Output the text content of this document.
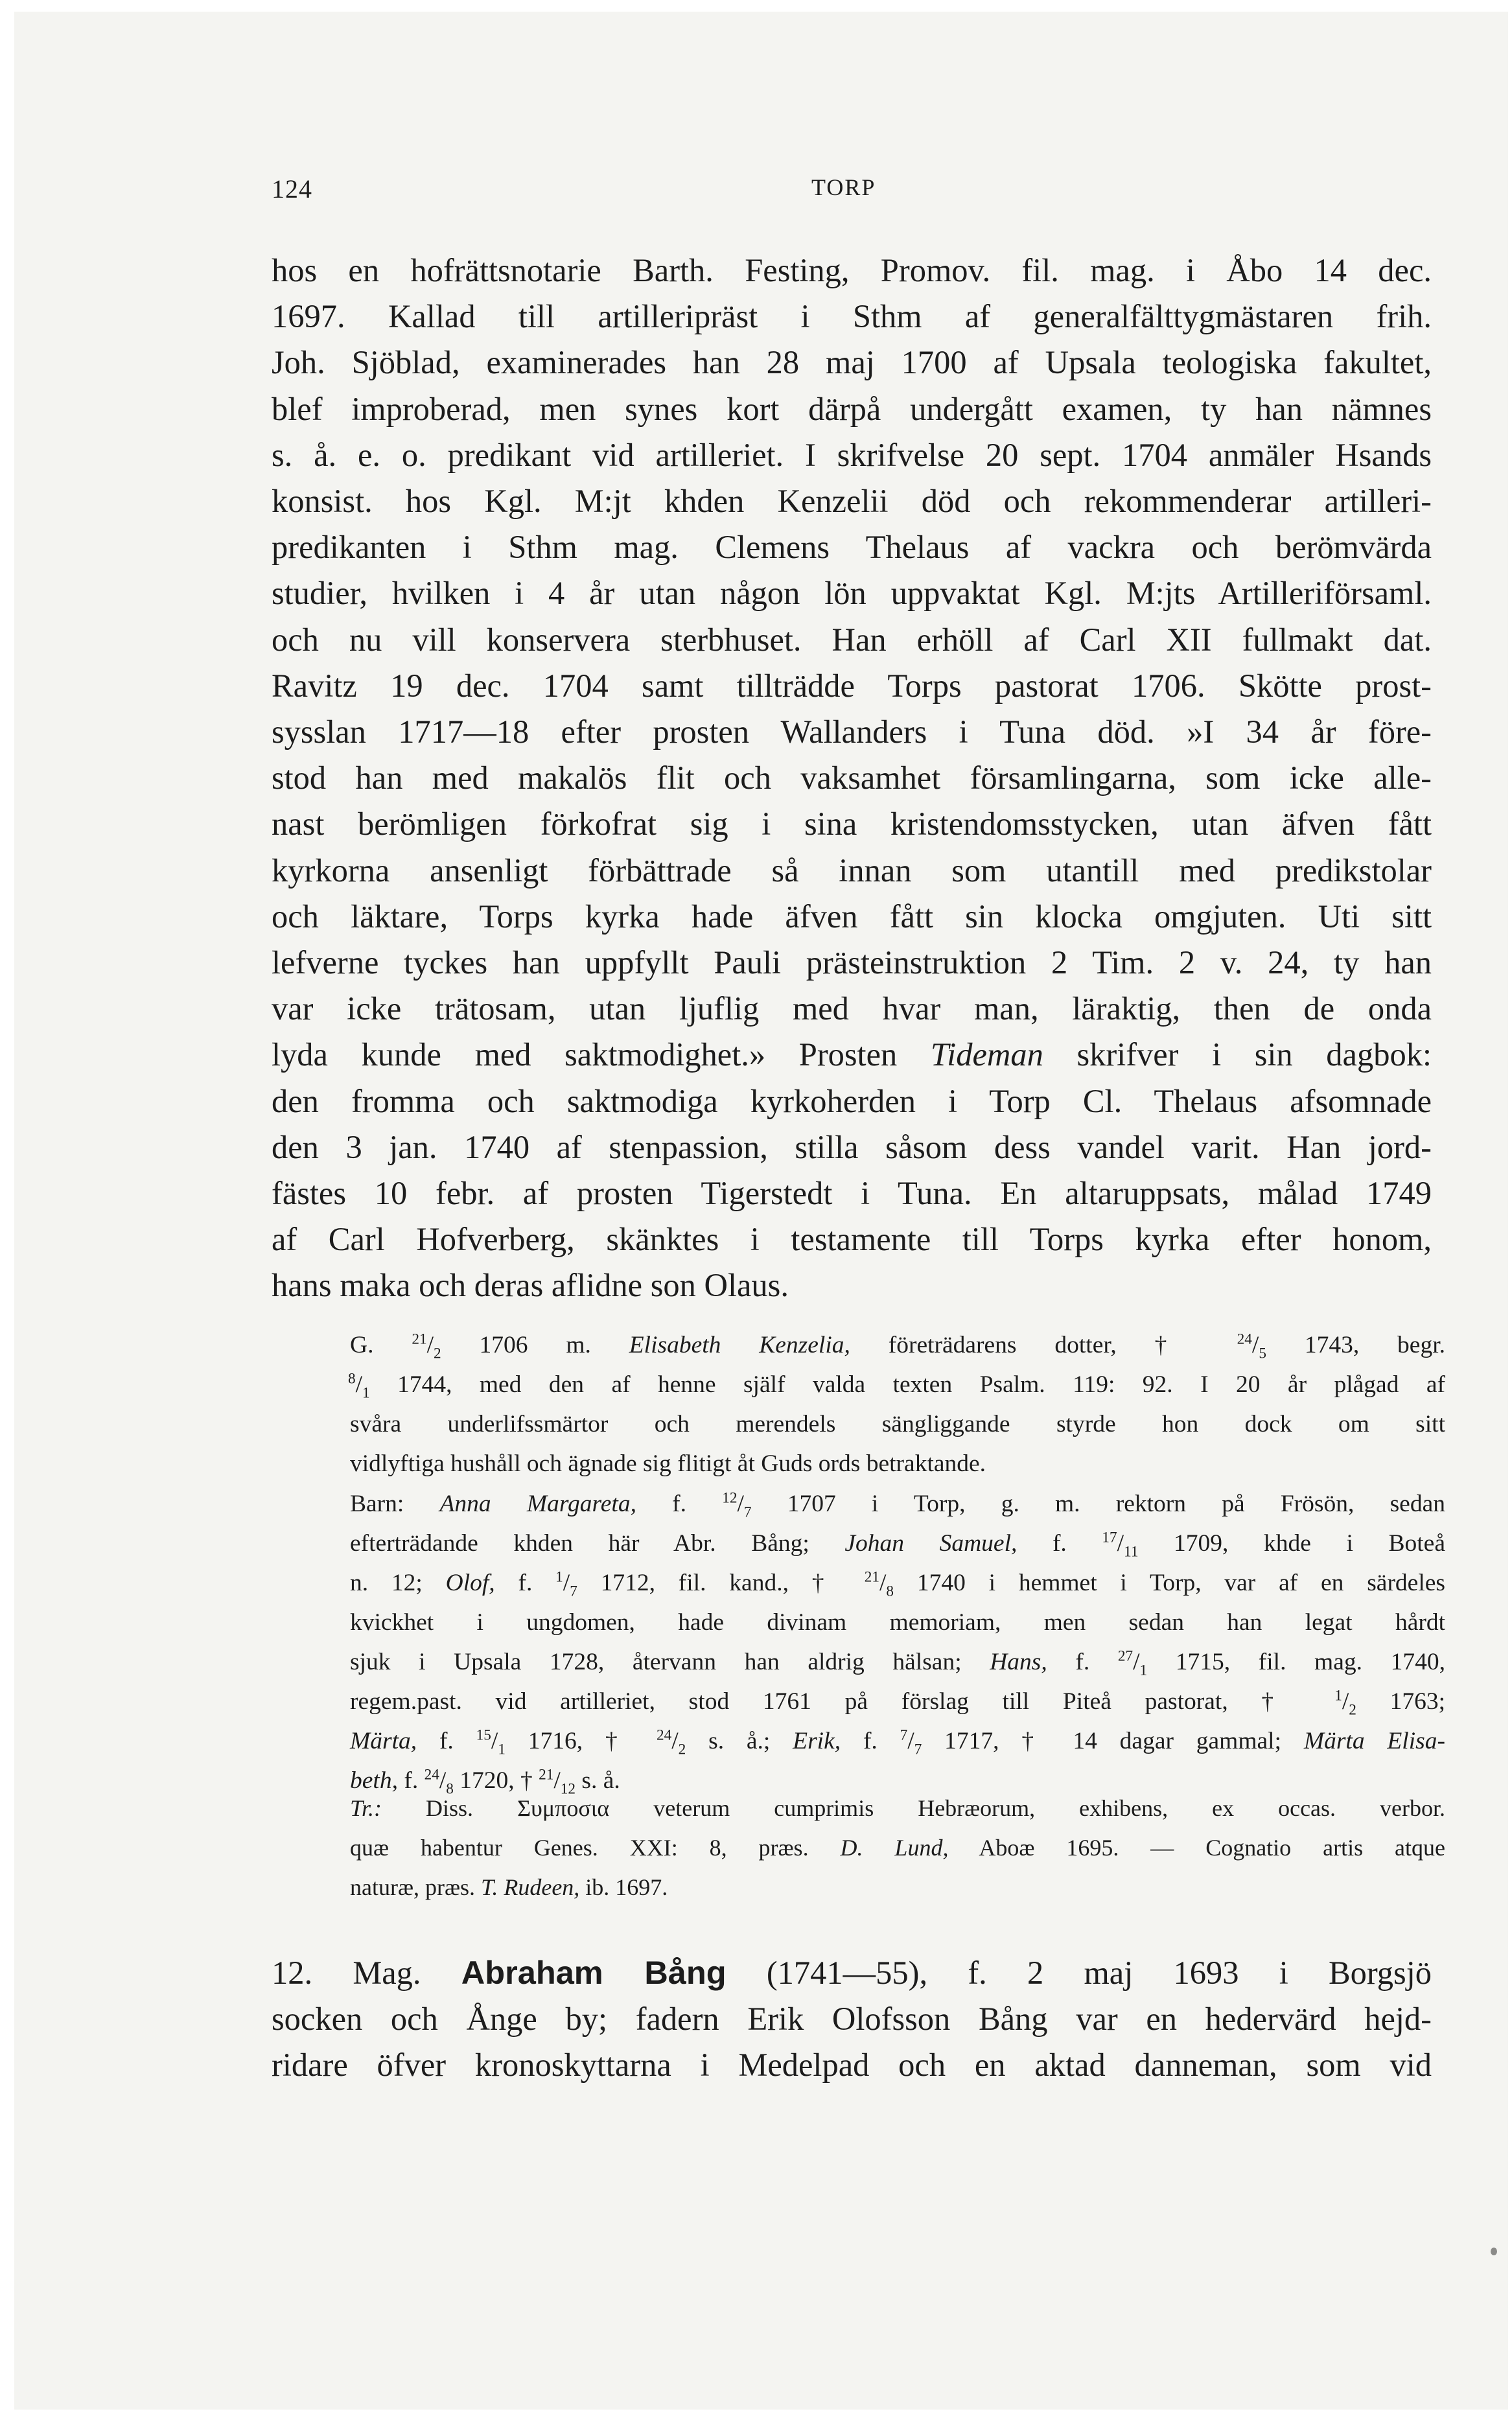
124	TORP
hos en hofrättsnotarie Barth. Festing, Promov. fil. mag. i Åbo 14 dec.
1697. Kallad till artilleripräst i Sthm af generalfälttygmästaren frih.
Joh. Sjöblad, examinerades han 28 maj 1700 af Upsala teologiska fakultet,
blef improberad, men synes kort därpå undergått examen, ty han nämnes
s. å. e. o. predikant vid artilleriet. I skrifvelse 20 sept. 1704 anmäler Hsands
konsist. hos Kgl. M:jt khden Kenzelii död och rekommenderar artilleri-
predikanten i Sthm mag. Clemens Thelaus af vackra och berömvärda
studier, hvilken i 4 år utan någon lön uppvaktat Kgl. M:jts Artilleriförsaml.
och nu vill konservera sterbhuset. Han erhöll af Carl XII fullmakt dat.
Ravitz 19 dec. 1704 samt tillträdde Torps pastorat 1706. Skötte prost-
sysslan 1717—18 efter prosten Wallanders i Tuna död. »I 34 år före-
stod han med makalös flit och vaksamhet församlingarna, som icke alle-
nast berömligen förkofrat sig i sina kristendomsstycken, utan äfven fått
kyrkorna ansenligt förbättrade så innan som utantill med predikstolar
och läktare, Torps kyrka hade äfven fått sin klocka omgjuten. Uti sitt
lefverne tyckes han uppfyllt Pauli prästeinstruktion 2 Tim. 2 v. 24, ty han
var icke trätosam, utan ljuflig med hvar man, läraktig, then de onda
lyda kunde med saktmodighet.» Prosten Tideman skrifver i sin dagbok:
den fromma och saktmodiga kyrkoherden i Torp Cl. Thelaus afsomnade
den 3 jan. 1740 af stenpassion, stilla såsom dess vandel varit. Han jord-
fästes 10 febr. af prosten Tigerstedt i Tuna. En altaruppsats, målad 1749
af Carl Hofverberg, skänktes i testamente till Torps kyrka efter honom,
hans maka och deras aflidne son Olaus.
G. $^{21}/_2$ 1706 m. Elisabeth Kenzelia, företrädarens dotter, † $^{24}/_5$ 1743, begr.
$^8/_1$ 1744, med den af henne själf valda texten Psalm. 119: 92. I 20 år plågad af
svåra underlifssmärtor och merendels sängliggande styrde hon dock om sitt
vidlyftiga hushåll och ägnade sig flitigt åt Guds ords betraktande.
Barn: Anna Margareta, f. $^{12}/_7$ 1707 i Torp, g. m. rektorn på Frösön, sedan
efterträdande khden här Abr. Bång; Johan Samuel, f. $^{17}/_{11}$ 1709, khde i Boteå
n. 12; Olof, f. $^1/_7$ 1712, fil. kand., † $^{21}/_8$ 1740 i hemmet i Torp, var af en särdeles
kvickhet i ungdomen, hade divinam memoriam, men sedan han legat hårdt
sjuk i Upsala 1728, återvann han aldrig hälsan; Hans, f. $^{27}/_1$ 1715, fil. mag. 1740,
regem.past. vid artilleriet, stod 1761 på förslag till Piteå pastorat, † $^1/_2$ 1763;
Märta, f. $^{15}/_1$ 1716, † $^{24}/_2$ s. å.; Erik, f. $^7/_7$ 1717, † 14 dagar gammal; Märta Elisa-
beth, f. $^{24}/_8$ 1720, † $^{21}/_{12}$ s. å.
Tr.: Diss. Συμποσια veterum cumprimis Hebræorum, exhibens, ex occas. verbor.
quæ habentur Genes. XXI: 8, præs. D. Lund, Aboæ 1695. — Cognatio artis atque
naturæ, præs. T. Rudeen, ib. 1697.
12. Mag. Abraham Bång (1741—55), f. 2 maj 1693 i Borgsjö
socken och Ånge by; fadern Erik Olofsson Bång var en hedervärd hejd-
ridare öfver kronoskyttarna i Medelpad och en aktad danneman, som vid
